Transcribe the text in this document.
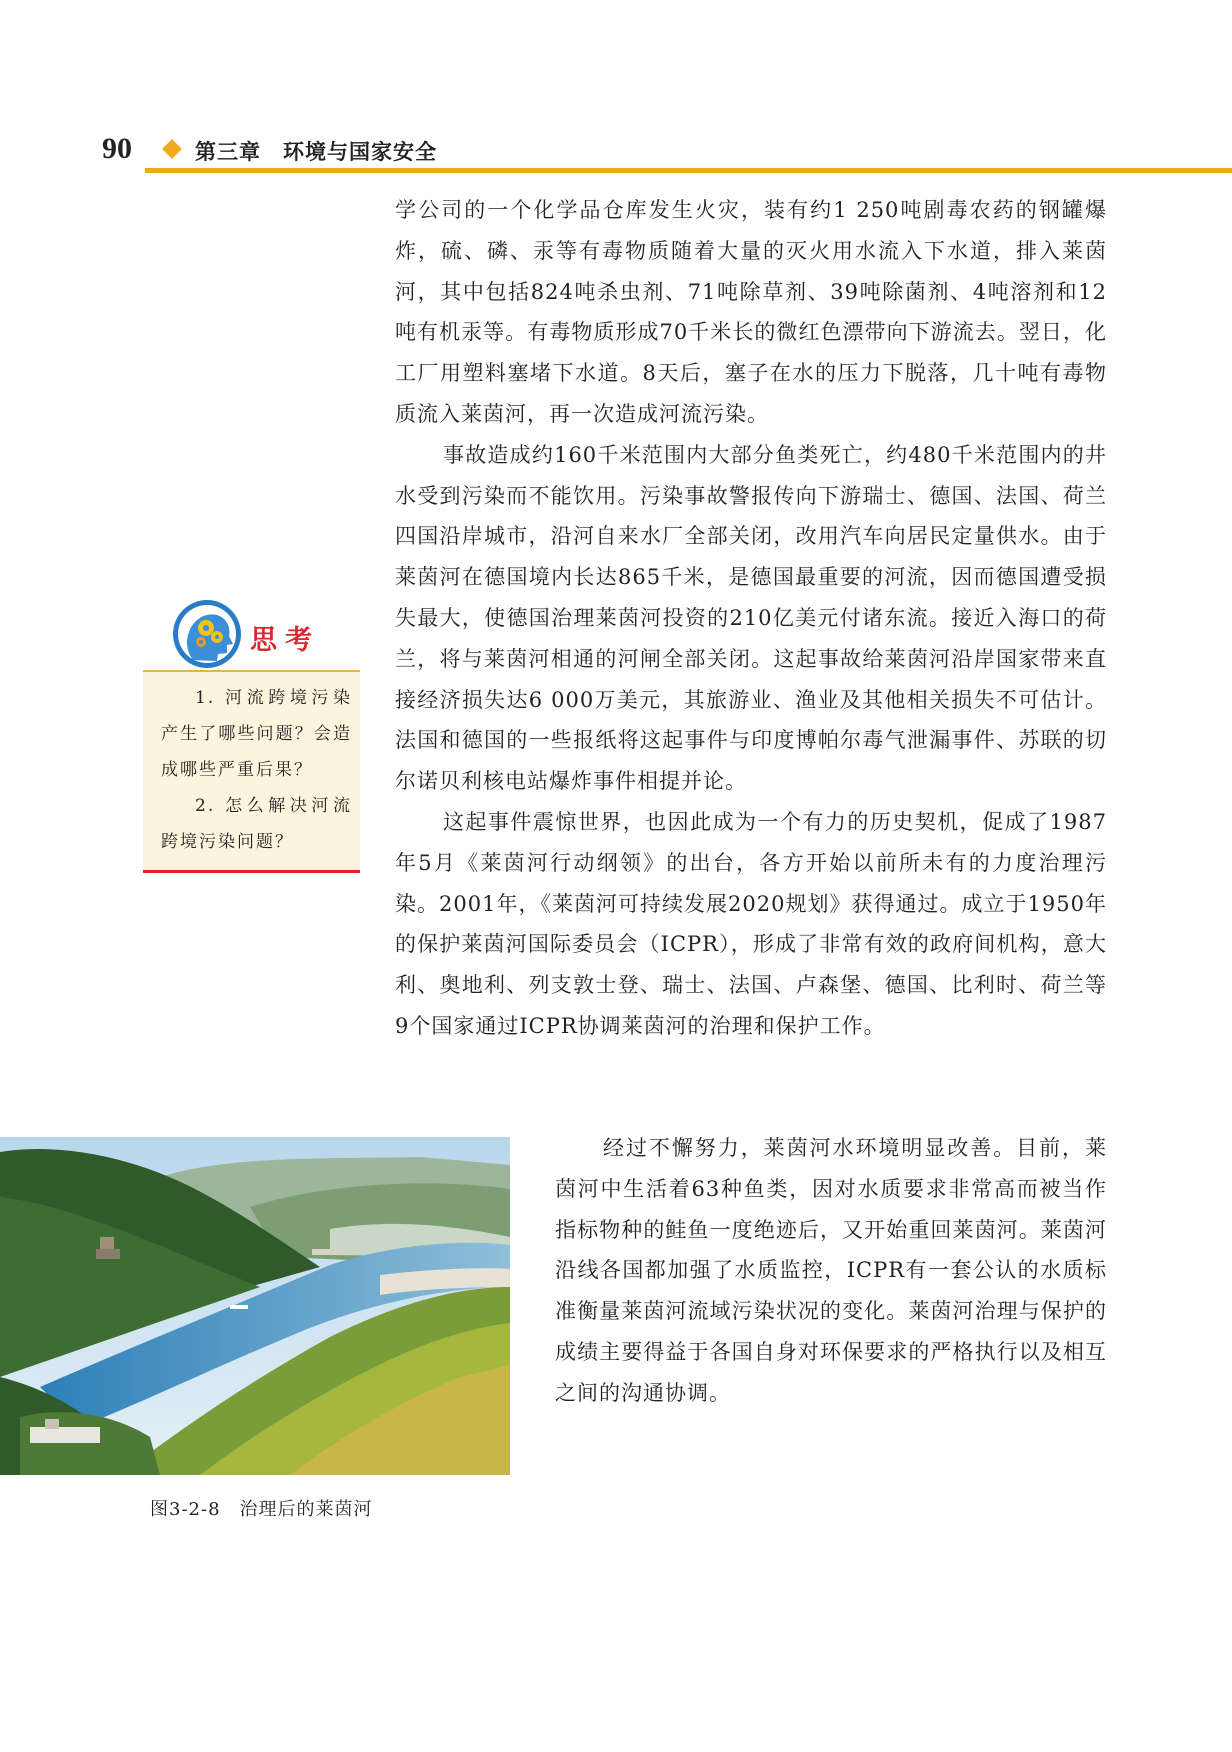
90	第三章　环境与国家安全

学公司的一个化学品仓库发生火灾，装有约1 250吨剧毒农药的钢罐爆炸，硫、磷、汞等有毒物质随着大量的灭火用水流入下水道，排入莱茵河，其中包括824吨杀虫剂、71吨除草剂、39吨除菌剂、4吨溶剂和12吨有机汞等。有毒物质形成70千米长的微红色漂带向下游流去。翌日，化工厂用塑料塞堵下水道。8天后，塞子在水的压力下脱落，几十吨有毒物质流入莱茵河，再一次造成河流污染。

事故造成约160千米范围内大部分鱼类死亡，约480千米范围内的井水受到污染而不能饮用。污染事故警报传向下游瑞士、德国、法国、荷兰四国沿岸城市，沿河自来水厂全部关闭，改用汽车向居民定量供水。由于莱茵河在德国境内长达865千米，是德国最重要的河流，因而德国遭受损失最大，使德国治理莱茵河投资的210亿美元付诸东流。接近入海口的荷兰，将与莱茵河相通的河闸全部关闭。这起事故给莱茵河沿岸国家带来直接经济损失达6 000万美元，其旅游业、渔业及其他相关损失不可估计。法国和德国的一些报纸将这起事件与印度博帕尔毒气泄漏事件、苏联的切尔诺贝利核电站爆炸事件相提并论。

这起事件震惊世界，也因此成为一个有力的历史契机，促成了1987年5月《莱茵河行动纲领》的出台，各方开始以前所未有的力度治理污染。2001年，《莱茵河可持续发展2020规划》获得通过。成立于1950年的保护莱茵河国际委员会（ICPR），形成了非常有效的政府间机构，意大利、奥地利、列支敦士登、瑞士、法国、卢森堡、德国、比利时、荷兰等9个国家通过ICPR协调莱茵河的治理和保护工作。

经过不懈努力，莱茵河水环境明显改善。目前，莱茵河中生活着63种鱼类，因对水质要求非常高而被当作指标物种的鲑鱼一度绝迹后，又开始重回莱茵河。莱茵河沿线各国都加强了水质监控，ICPR有一套公认的水质标准衡量莱茵河流域污染状况的变化。莱茵河治理与保护的成绩主要得益于各国自身对环保要求的严格执行以及相互之间的沟通协调。

思考

1. 河流跨境污染产生了哪些问题？会造成哪些严重后果？

2. 怎么解决河流跨境污染问题？

图3-2-8　治理后的莱茵河
